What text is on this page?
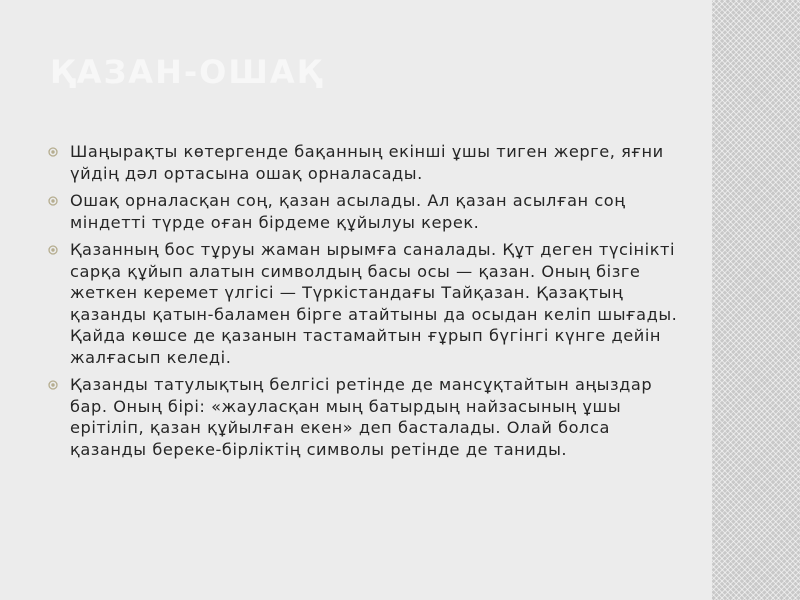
ҚАЗАН-ОШАҚ
Шаңырақты көтергенде бақанның екінші ұшы тиген жерге, яғни үйдің дәл ортасына ошақ орналасады.
Ошақ орналасқан соң, қазан асылады. Ал қазан асылған соң міндетті түрде оған бірдеме құйылуы керек.
Қазанның бос тұруы жаман ырымға саналады. Құт деген түсінікті сарқа құйып алатын символдың басы осы — қазан. Оның бізге жеткен керемет үлгісі — Түркістандағы Тайқазан. Қазақтың қазанды қатын-баламен бірге атайтыны да осыдан келіп шығады. Қайда көшсе де қазанын тастамайтын ғұрып бүгінгі күнге дейін жалғасып келеді.
Қазанды татулықтың белгісі ретінде де мансұқтайтын аңыздар бар. Оның бірі: «жауласқан мың батырдың найзасының ұшы ерітіліп, қазан құйылған екен» деп басталады. Олай болса қазанды береке-бірліктің символы ретінде де таниды.
